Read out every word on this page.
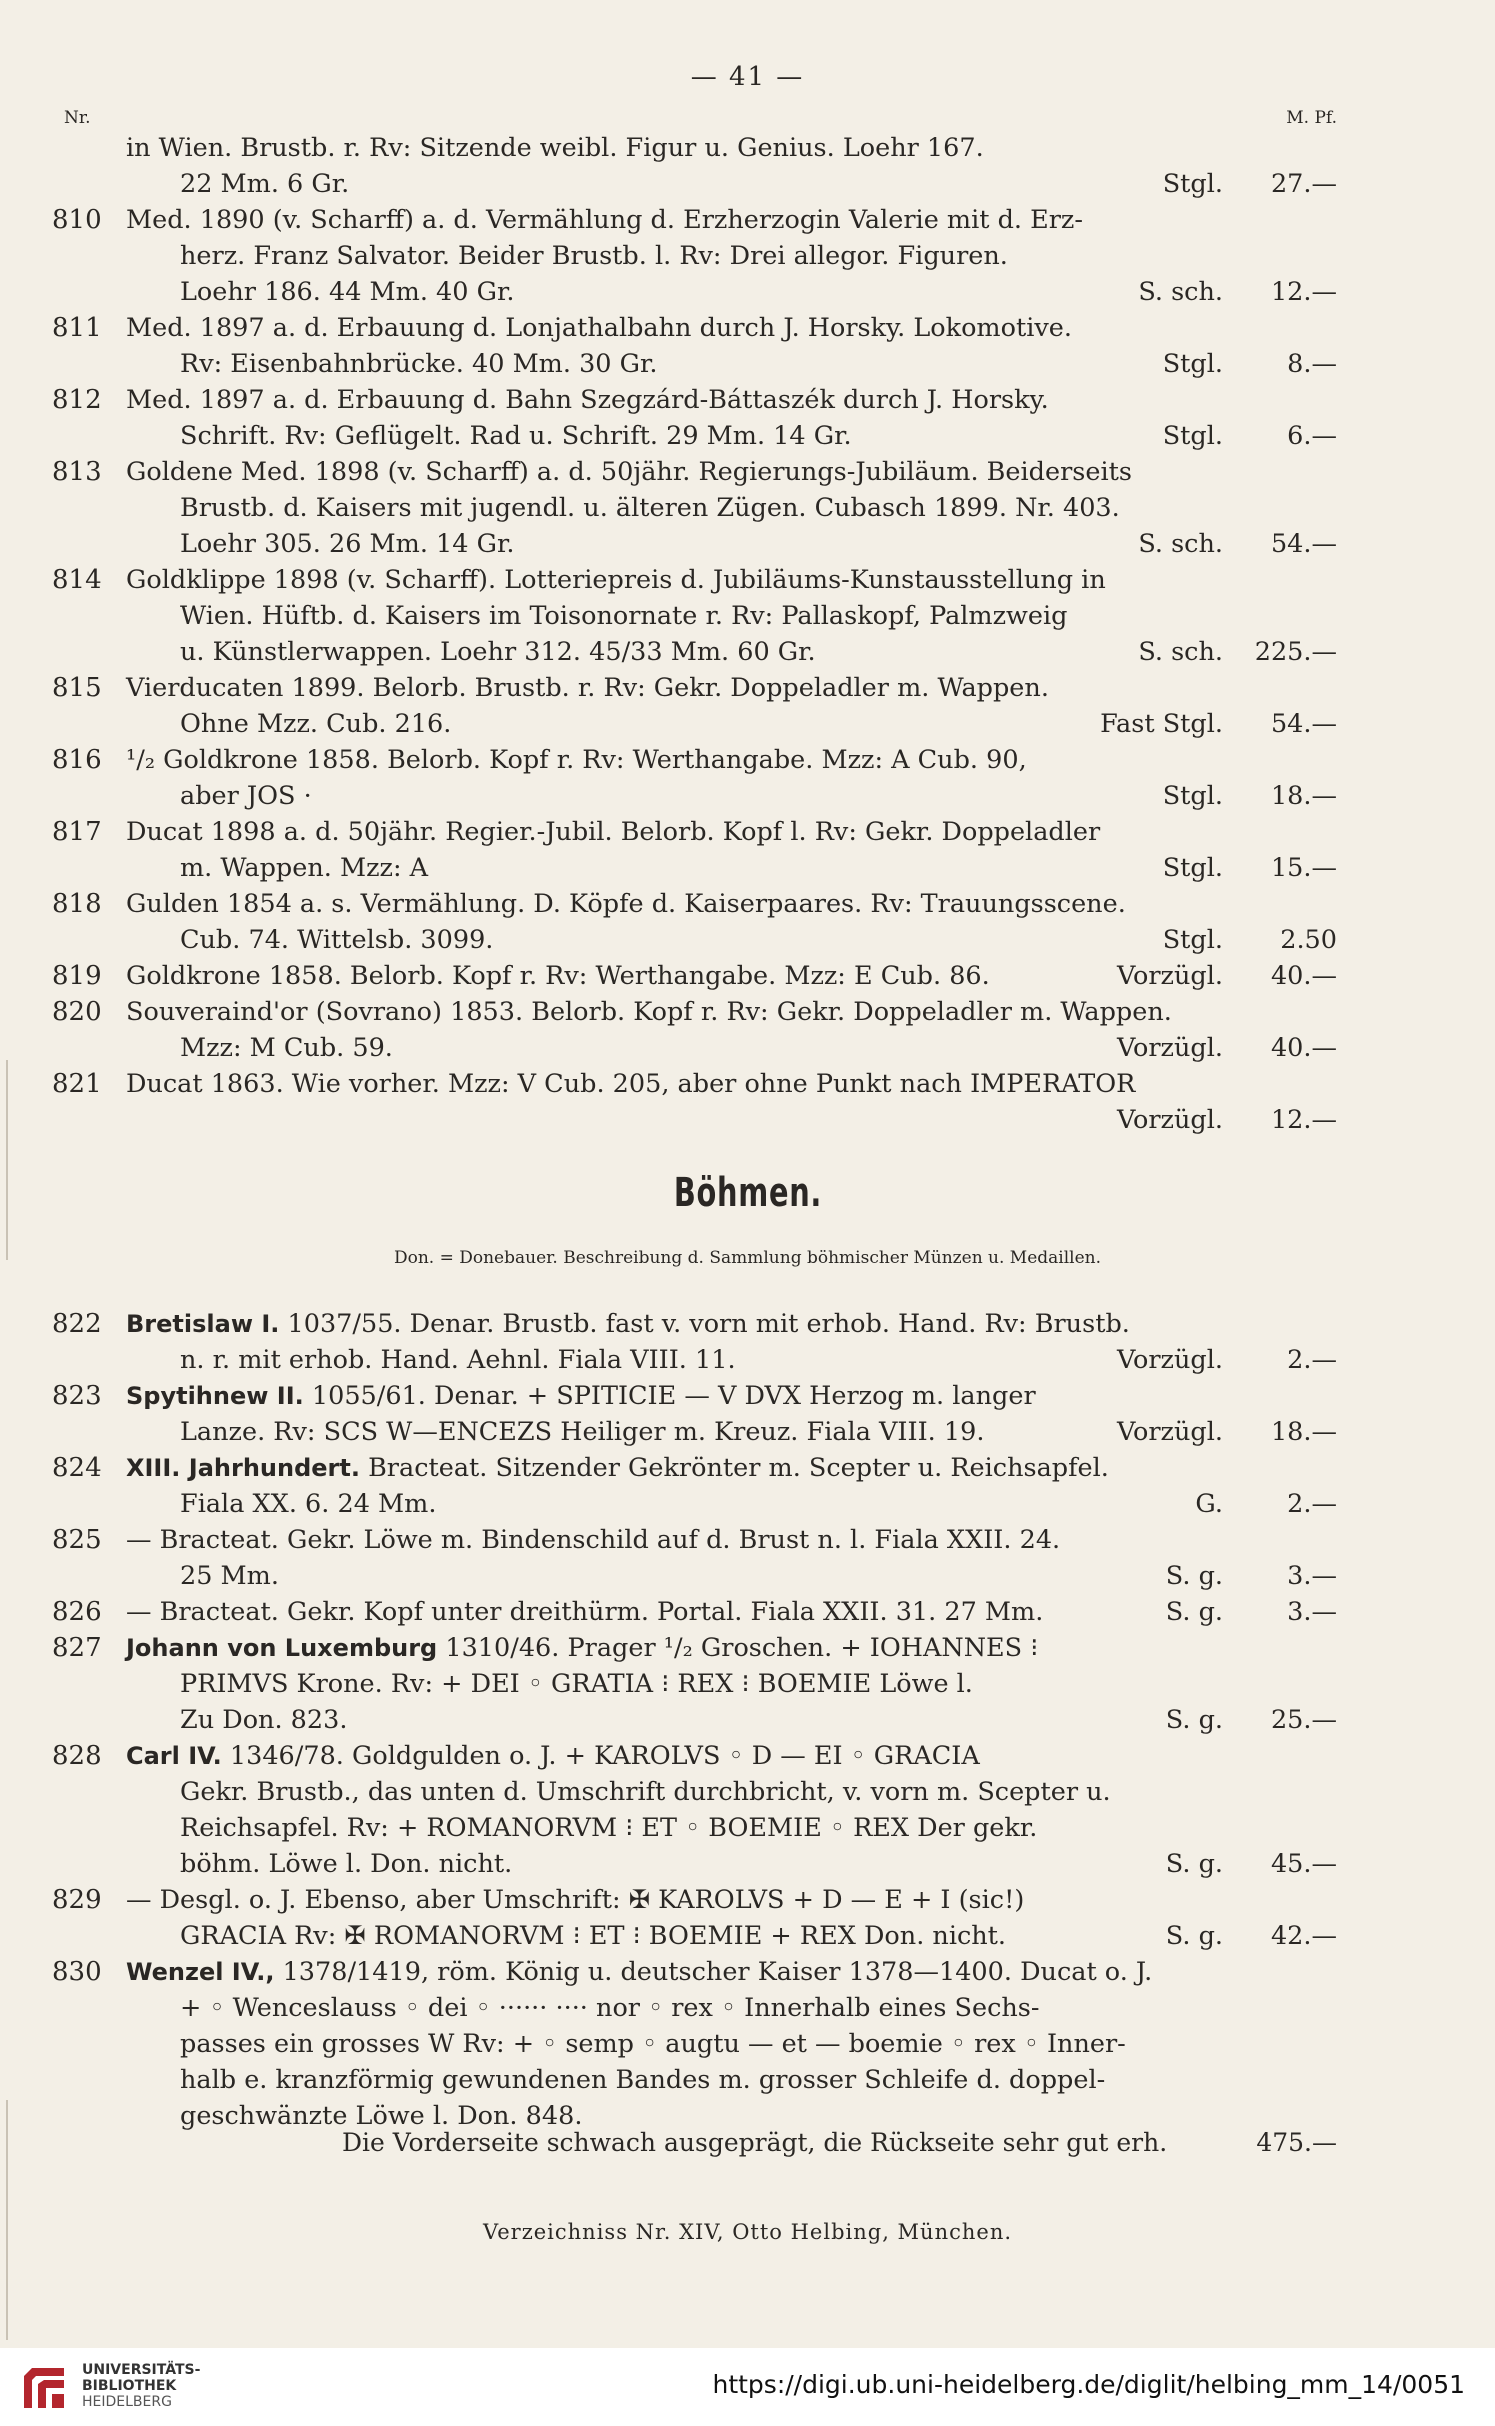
— 41 —
Nr.	M. Pf.
in Wien. Brustb. r. Rv: Sitzende weibl. Figur u. Genius. Loehr 167.
22 Mm. 6 Gr.	Stgl. 27.—
810 Med. 1890 (v. Scharff) a. d. Vermählung d. Erzherzogin Valerie mit d. Erz-
herz. Franz Salvator. Beider Brustb. l. Rv: Drei allegor. Figuren.
Loehr 186. 44 Mm. 40 Gr.	S. sch. 12.—
811 Med. 1897 a. d. Erbauung d. Lonjathalbahn durch J. Horsky. Lokomotive.
Rv: Eisenbahnbrücke. 40 Mm. 30 Gr.	Stgl.	8.—
812 Med. 1897 a. d. Erbauung d. Bahn Szegzárd-Báttaszék durch J. Horsky.
Schrift. Rv: Geflügelt. Rad u. Schrift. 29 Mm. 14 Gr.	Stgl.	6.—
813 Goldene Med. 1898 (v. Scharff) a. d. 50jähr. Regierungs-Jubiläum. Beiderseits
Brustb. d. Kaisers mit jugendl. u. älteren Zügen. Cubasch 1899. Nr. 403.
Loehr 305. 26 Mm. 14 Gr.	S. sch. 54.—
814 Goldklippe 1898 (v. Scharff). Lotteriepreis d. Jubiläums-Kunstausstellung in
Wien. Hüftb. d. Kaisers im Toisonornate r. Rv: Pallaskopf, Palmzweig
u. Künstlerwappen. Loehr 312. 45/33 Mm. 60 Gr.	S. sch. 225.—
815 Vierducaten 1899. Belorb. Brustb. r. Rv: Gekr. Doppeladler m. Wappen.
Ohne Mzz. Cub. 216.	Fast Stgl. 54.—
816 ¹/₂ Goldkrone 1858. Belorb. Kopf r. Rv: Werthangabe. Mzz: A Cub. 90,
aber JOS ·	Stgl. 18.—
817 Ducat 1898 a. d. 50jähr. Regier.-Jubil. Belorb. Kopf l. Rv: Gekr. Doppeladler
m. Wappen. Mzz: A	Stgl. 15.—
818 Gulden 1854 a. s. Vermählung. D. Köpfe d. Kaiserpaares. Rv: Trauungsscene.
Cub. 74. Wittelsb. 3099.	Stgl. 2.50
819 Goldkrone 1858. Belorb. Kopf r. Rv: Werthangabe. Mzz: E Cub. 86.	Vorzügl. 40.—
820 Souveraind'or (Sovrano) 1853. Belorb. Kopf r. Rv: Gekr. Doppeladler m. Wappen.
Mzz: M Cub. 59.	Vorzügl. 40.—
821 Ducat 1863. Wie vorher. Mzz: V Cub. 205, aber ohne Punkt nach IMPERATOR
Vorzügl. 12.—
Böhmen.
Don. = Donebauer. Beschreibung d. Sammlung böhmischer Münzen u. Medaillen.
822	Bretislaw I. 1037/55. Denar. Brustb. fast v. vorn mit erhob. Hand. Rv: Brustb.
n. r. mit erhob. Hand. Aehnl. Fiala VIII. 11.	Vorzügl.	2.—
823	Spytihnew II. 1055/61. Denar. + SPITICIE — V DVX Herzog m. langer
Lanze. Rv: SCS W—ENCEZS Heiliger m. Kreuz. Fiala VIII. 19.	Vorzügl. 18.—
824	XIII. Jahrhundert. Bracteat. Sitzender Gekrönter m. Scepter u. Reichsapfel.
Fiala XX. 6. 24 Mm.	G.	2.—
825 — Bracteat. Gekr. Löwe m. Bindenschild auf d. Brust n. l. Fiala XXII. 24.
25 Mm.	S. g.	3.—
826 — Bracteat. Gekr. Kopf unter dreithürm. Portal. Fiala XXII. 31. 27 Mm.	S. g.	3.—
827	Johann von Luxemburg 1310/46. Prager ¹/₂ Groschen. + IOHANNES ⁝
PRIMVS Krone. Rv: + DEI ◦ GRATIA ⁝ REX ⁝ BOEMIE Löwe l.
Zu Don. 823.	S. g. 25.—
828	Carl IV. 1346/78. Goldgulden o. J. + KAROLVS ◦ D — EI ◦ GRACIA
Gekr. Brustb., das unten d. Umschrift durchbricht, v. vorn m. Scepter u.
Reichsapfel. Rv: + ROMANORVM ⁝ ET ◦ BOEMIE ◦ REX Der gekr.
böhm. Löwe l. Don. nicht.	S. g. 45.—
829 — Desgl. o. J. Ebenso, aber Umschrift: ✠ KAROLVS + D — E + I (sic!)
GRACIA Rv: ✠ ROMANORVM ⁝ ET ⁝ BOEMIE + REX Don. nicht.	S. g. 42.—
830	Wenzel IV., 1378/1419, röm. König u. deutscher Kaiser 1378—1400. Ducat o. J.
+ ◦ Wenceslauss ◦ dei ◦ ······ ···· nor ◦ rex ◦ Innerhalb eines Sechs-
passes ein grosses W Rv: + ◦ semp ◦ augtu — et — boemie ◦ rex ◦ Inner-
halb e. kranzförmig gewundenen Bandes m. grosser Schleife d. doppel-
geschwänzte Löwe l. Don. 848.
Die Vorderseite schwach ausgeprägt, die Rückseite sehr gut erh.	475.—
Verzeichniss Nr. XIV, Otto Helbing, München.
UNIVERSITÄTS-
BIBLIOTHEK
HEIDELBERG
https://digi.ub.uni-heidelberg.de/diglit/helbing_mm_14/0051
